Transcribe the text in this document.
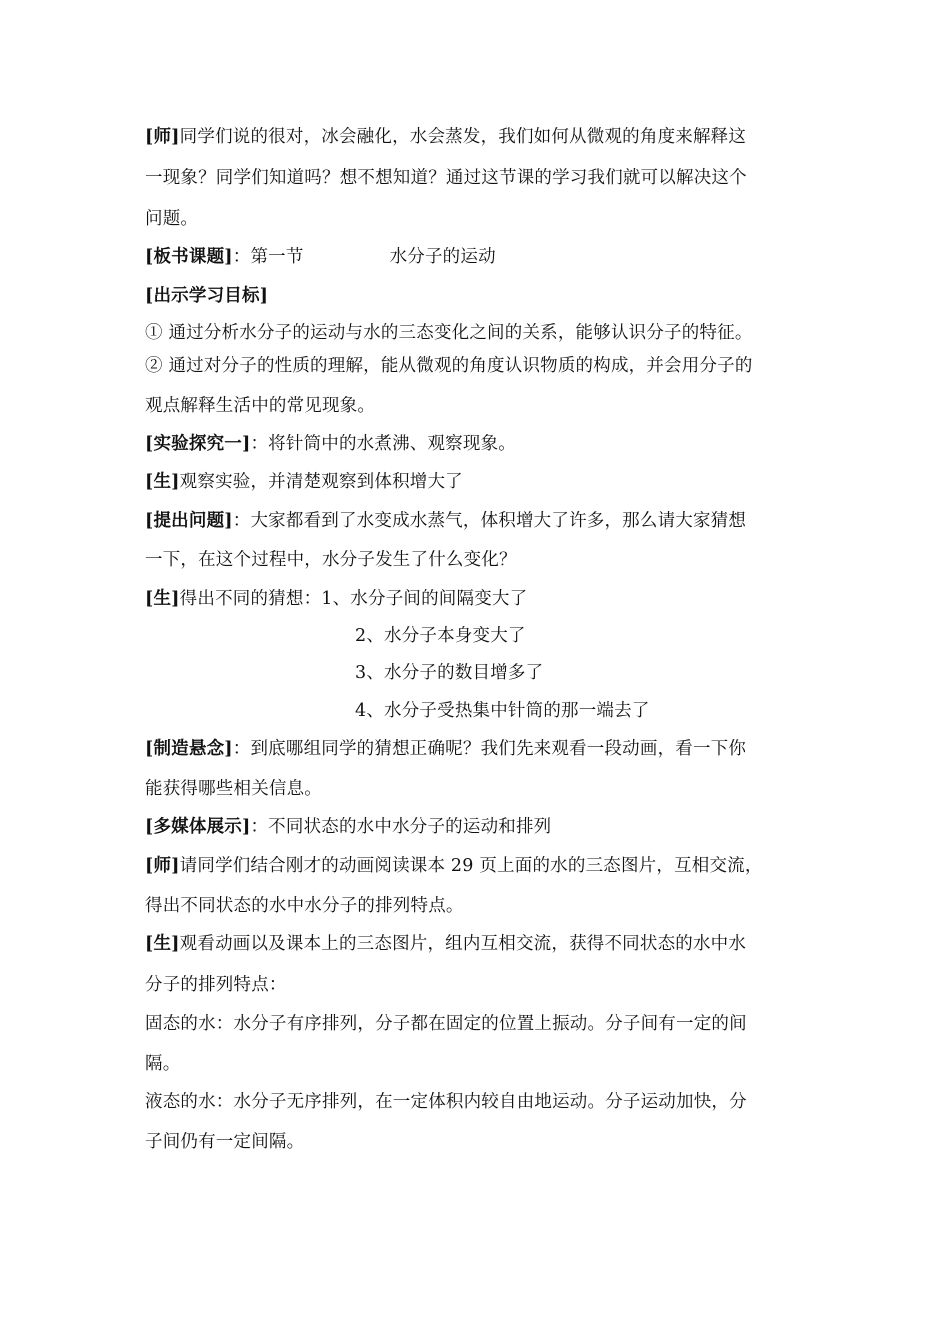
[师]同学们说的很对，冰会融化，水会蒸发，我们如何从微观的角度来解释这
一现象？同学们知道吗？想不想知道？通过这节课的学习我们就可以解决这个
问题。
[板书课题]：第一节	水分子的运动
[出示学习目标]
① 通过分析水分子的运动与水的三态变化之间的关系，能够认识分子的特征。
② 通过对分子的性质的理解，能从微观的角度认识物质的构成，并会用分子的
观点解释生活中的常见现象。
[实验探究一]：将针筒中的水煮沸、观察现象。
[生]观察实验，并清楚观察到体积增大了
[提出问题]：大家都看到了水变成水蒸气，体积增大了许多，那么请大家猜想
一下，在这个过程中，水分子发生了什么变化？
[生]得出不同的猜想：1、水分子间的间隔变大了
2、水分子本身变大了
3、水分子的数目增多了
4、水分子受热集中针筒的那一端去了
[制造悬念]：到底哪组同学的猜想正确呢？我们先来观看一段动画，看一下你
能获得哪些相关信息。
[多媒体展示]：不同状态的水中水分子的运动和排列
[师]请同学们结合刚才的动画阅读课本 29 页上面的水的三态图片，互相交流，
得出不同状态的水中水分子的排列特点。
[生]观看动画以及课本上的三态图片，组内互相交流，获得不同状态的水中水
分子的排列特点：
固态的水：水分子有序排列，分子都在固定的位置上振动。分子间有一定的间
隔。
液态的水：水分子无序排列，在一定体积内较自由地运动。分子运动加快，分
子间仍有一定间隔。
